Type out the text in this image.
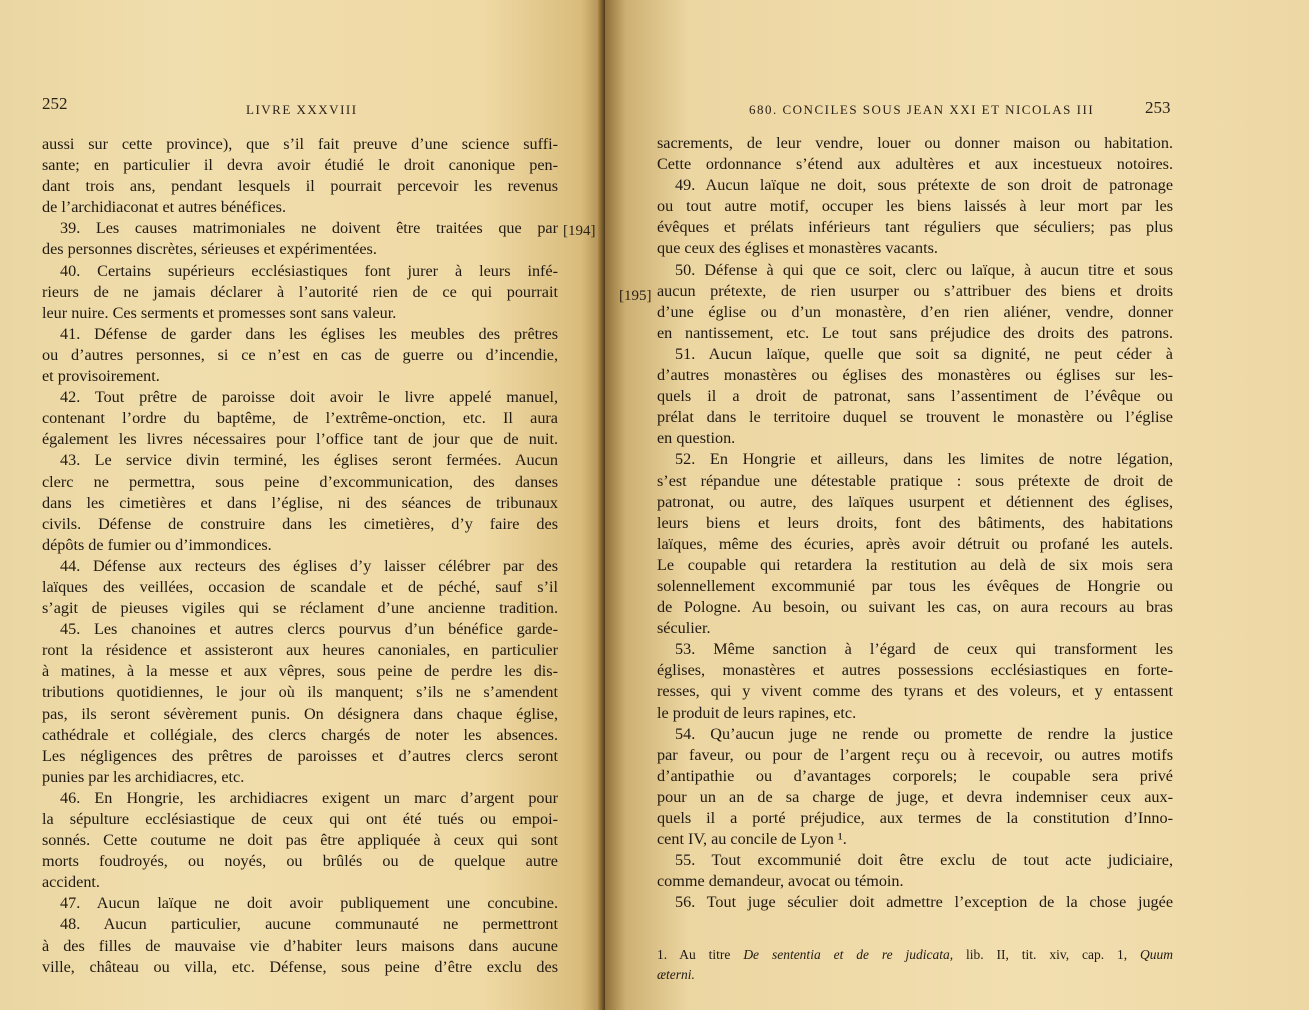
252	LIVRE XXXVIII
aussi sur cette province), que s’il fait preuve d’une science suffi-
sante; en particulier il devra avoir étudié le droit canonique pen-
dant trois ans, pendant lesquels il pourrait percevoir les revenus
de l’archidiaconat et autres bénéfices.
39. Les causes matrimoniales ne doivent être traitées que par
des personnes discrètes, sérieuses et expérimentées.
40. Certains supérieurs ecclésiastiques font jurer à leurs infé-
rieurs de ne jamais déclarer à l’autorité rien de ce qui pourrait
leur nuire. Ces serments et promesses sont sans valeur.
41. Défense de garder dans les églises les meubles des prêtres
ou d’autres personnes, si ce n’est en cas de guerre ou d’incendie,
et provisoirement.
42. Tout prêtre de paroisse doit avoir le livre appelé manuel,
contenant l’ordre du baptême, de l’extrême-onction, etc. Il aura
également les livres nécessaires pour l’office tant de jour que de nuit.
43. Le service divin terminé, les églises seront fermées. Aucun
clerc ne permettra, sous peine d’excommunication, des danses
dans les cimetières et dans l’église, ni des séances de tribunaux
civils. Défense de construire dans les cimetières, d’y faire des
dépôts de fumier ou d’immondices.
44. Défense aux recteurs des églises d’y laisser célébrer par des
laïques des veillées, occasion de scandale et de péché, sauf s’il
s’agit de pieuses vigiles qui se réclament d’une ancienne tradition.
45. Les chanoines et autres clercs pourvus d’un bénéfice garde-
ront la résidence et assisteront aux heures canoniales, en particulier
à matines, à la messe et aux vêpres, sous peine de perdre les dis-
tributions quotidiennes, le jour où ils manquent; s’ils ne s’amendent
pas, ils seront sévèrement punis. On désignera dans chaque église,
cathédrale et collégiale, des clercs chargés de noter les absences.
Les négligences des prêtres de paroisses et d’autres clercs seront
punies par les archidiacres, etc.
46. En Hongrie, les archidiacres exigent un marc d’argent pour
la sépulture ecclésiastique de ceux qui ont été tués ou empoi-
sonnés. Cette coutume ne doit pas être appliquée à ceux qui sont
morts foudroyés, ou noyés, ou brûlés ou de quelque autre
accident.
47. Aucun laïque ne doit avoir publiquement une concubine.
48. Aucun particulier, aucune communauté ne permettront
à des filles de mauvaise vie d’habiter leurs maisons dans aucune
ville, château ou villa, etc. Défense, sous peine d’être exclu des
[194]
680. CONCILES SOUS JEAN XXI ET NICOLAS III	253
[195]
sacrements, de leur vendre, louer ou donner maison ou habitation.
Cette ordonnance s’étend aux adultères et aux incestueux notoires.
49. Aucun laïque ne doit, sous prétexte de son droit de patronage
ou tout autre motif, occuper les biens laissés à leur mort par les
évêques et prélats inférieurs tant réguliers que séculiers; pas plus
que ceux des églises et monastères vacants.
50. Défense à qui que ce soit, clerc ou laïque, à aucun titre et sous
aucun prétexte, de rien usurper ou s’attribuer des biens et droits
d’une église ou d’un monastère, d’en rien aliéner, vendre, donner
en nantissement, etc. Le tout sans préjudice des droits des patrons.
51. Aucun laïque, quelle que soit sa dignité, ne peut céder à
d’autres monastères ou églises des monastères ou églises sur les-
quels il a droit de patronat, sans l’assentiment de l’évêque ou
prélat dans le territoire duquel se trouvent le monastère ou l’église
en question.
52. En Hongrie et ailleurs, dans les limites de notre légation,
s’est répandue une détestable pratique : sous prétexte de droit de
patronat, ou autre, des laïques usurpent et détiennent des églises,
leurs biens et leurs droits, font des bâtiments, des habitations
laïques, même des écuries, après avoir détruit ou profané les autels.
Le coupable qui retardera la restitution au delà de six mois sera
solennellement excommunié par tous les évêques de Hongrie ou
de Pologne. Au besoin, ou suivant les cas, on aura recours au bras
séculier.
53. Même sanction à l’égard de ceux qui transforment les
églises, monastères et autres possessions ecclésiastiques en forte-
resses, qui y vivent comme des tyrans et des voleurs, et y entassent
le produit de leurs rapines, etc.
54. Qu’aucun juge ne rende ou promette de rendre la justice
par faveur, ou pour de l’argent reçu ou à recevoir, ou autres motifs
d’antipathie ou d’avantages corporels; le coupable sera privé
pour un an de sa charge de juge, et devra indemniser ceux aux-
quels il a porté préjudice, aux termes de la constitution d’Inno-
cent IV, au concile de Lyon ¹.
55. Tout excommunié doit être exclu de tout acte judiciaire,
comme demandeur, avocat ou témoin.
56. Tout juge séculier doit admettre l’exception de la chose jugée
1. Au titre De sententia et de re judicata, lib. II, tit. xiv, cap. 1, Quum
æterni.
